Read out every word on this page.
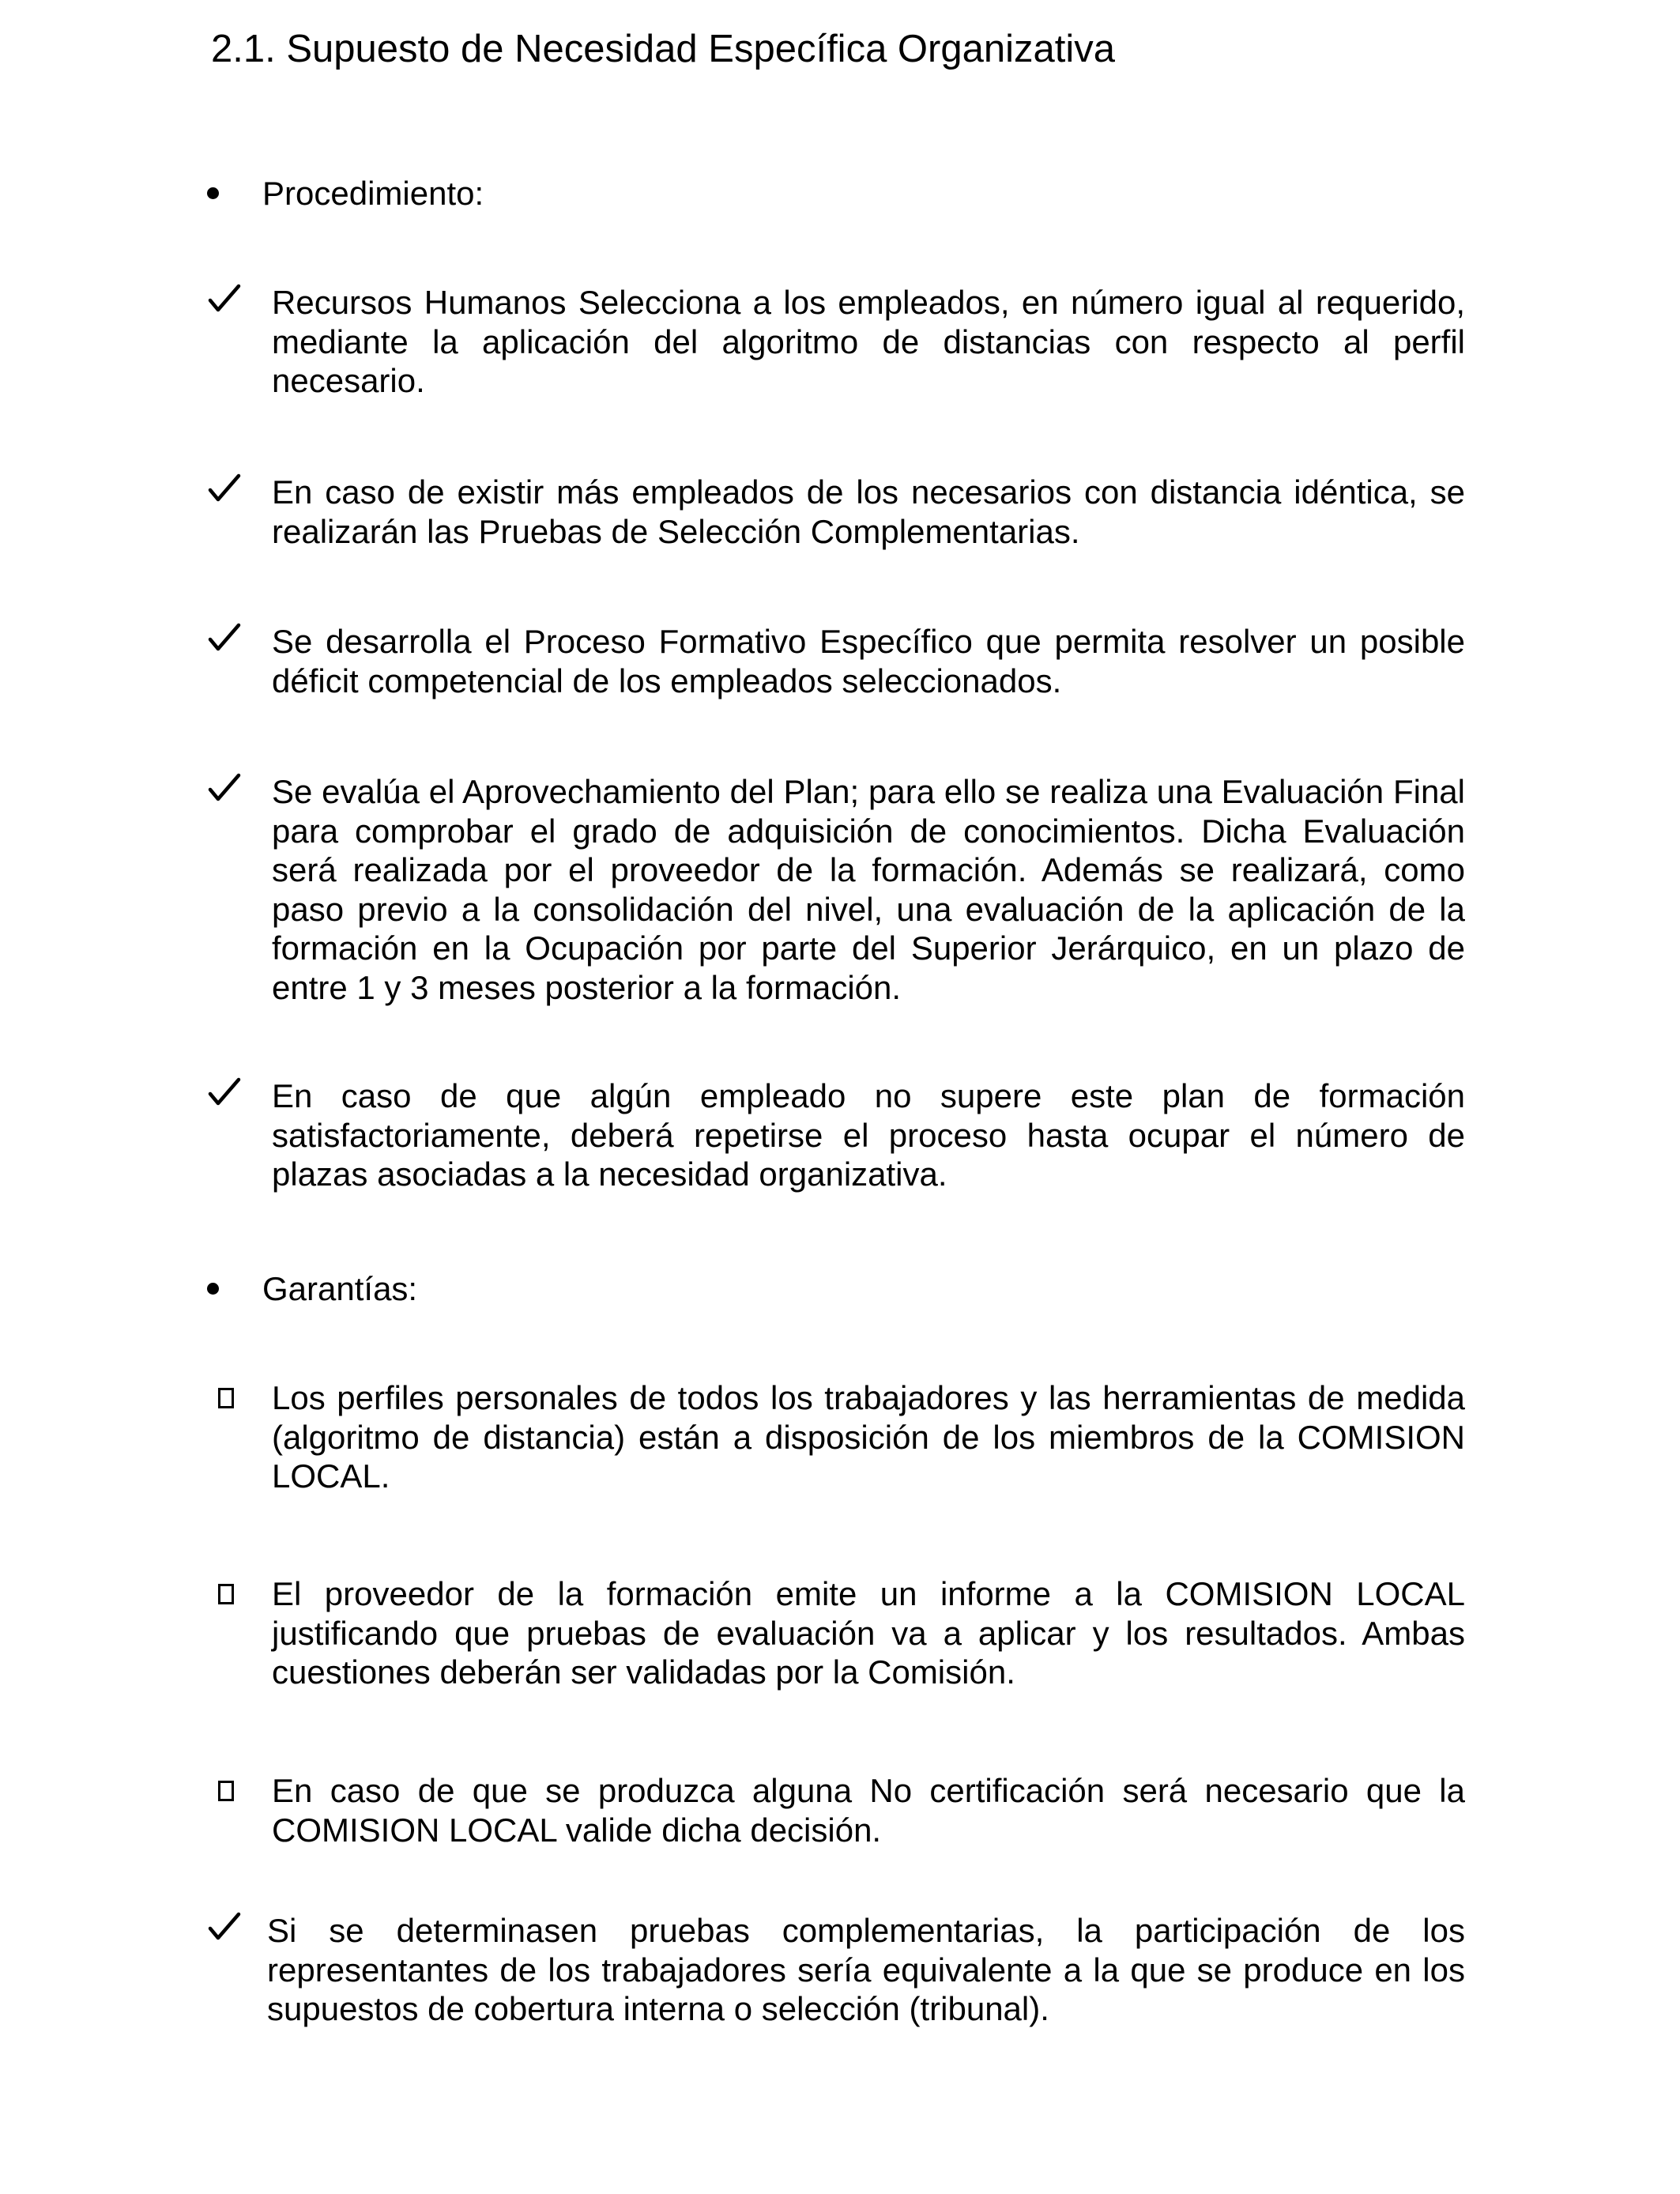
2.1. Supuesto de Necesidad Específica Organizativa
Procedimiento:
Recursos Humanos Selecciona a los empleados, en número igual al requerido, mediante la aplicación del algoritmo de distancias con respecto al perfil necesario.
En caso de existir más empleados de los necesarios con distancia idéntica, se realizarán las Pruebas de Selección Complementarias.
Se desarrolla el Proceso Formativo Específico que permita resolver un posible déficit competencial de los empleados seleccionados.
Se evalúa el Aprovechamiento del Plan; para ello se realiza una Evaluación Final para comprobar el grado de adquisición de conocimientos. Dicha Evaluación será realizada por el proveedor de la formación. Además se realizará, como paso previo a la consolidación del nivel, una evaluación de la aplicación de la formación en la Ocupación por parte del Superior Jerárquico, en un plazo de entre 1 y 3 meses posterior a la formación.
En caso de que algún empleado no supere este plan de formación satisfactoriamente, deberá repetirse el proceso hasta ocupar el número de plazas asociadas a la necesidad organizativa.
Garantías:
Los perfiles personales de todos los trabajadores y las herramientas de medida (algoritmo de distancia) están a disposición de los miembros de la COMISION LOCAL.
El proveedor de la formación emite un informe a la COMISION LOCAL justificando que pruebas de evaluación va a aplicar y los resultados. Ambas cuestiones deberán ser validadas por la Comisión.
En caso de que se produzca alguna No certificación será necesario que la COMISION LOCAL valide dicha decisión.
Si se determinasen pruebas complementarias, la participación de los representantes de los trabajadores sería equivalente a la que se produce en los supuestos de cobertura interna o selección (tribunal).
